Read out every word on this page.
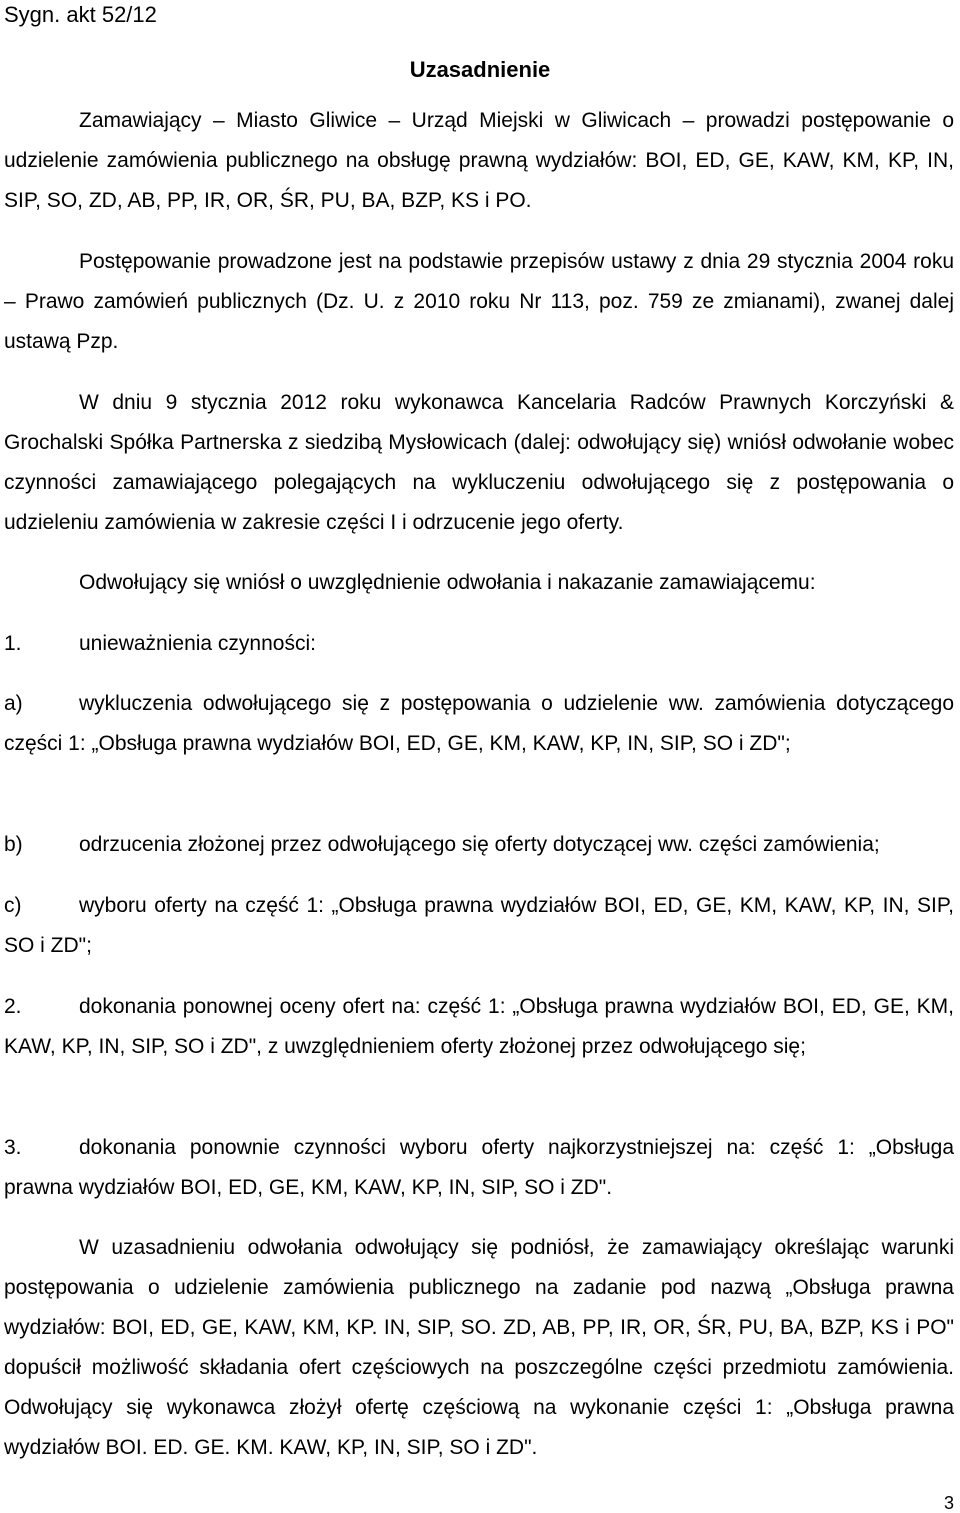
Sygn. akt 52/12
Uzasadnienie

Zamawiający – Miasto Gliwice – Urząd Miejski w Gliwicach – prowadzi postępowanie o udzielenie zamówienia publicznego na obsługę prawną wydziałów: BOI, ED, GE, KAW, KM, KP, IN, SIP, SO, ZD, AB, PP, IR, OR, ŚR, PU, BA, BZP, KS i PO.

Postępowanie prowadzone jest na podstawie przepisów ustawy z dnia 29 stycznia 2004 roku – Prawo zamówień publicznych (Dz. U. z 2010 roku Nr 113, poz. 759 ze zmianami), zwanej dalej ustawą Pzp.

W dniu 9 stycznia 2012 roku wykonawca Kancelaria Radców Prawnych Korczyński & Grochalski Spółka Partnerska z siedzibą Mysłowicach (dalej: odwołujący się) wniósł odwołanie wobec czynności zamawiającego polegających na wykluczeniu odwołującego się z postępowania o udzieleniu zamówienia w zakresie części I i odrzucenie jego oferty.

Odwołujący się wniósł o uwzględnienie odwołania i nakazanie zamawiającemu:

1.	unieważnienia czynności:

a)	wykluczenia odwołującego się z postępowania o udzielenie ww. zamówienia dotyczącego części 1: „Obsługa prawna wydziałów BOI, ED, GE, KM, KAW, KP, IN, SIP, SO i ZD";

b)	odrzucenia złożonej przez odwołującego się oferty dotyczącej ww. części zamówienia;

c)	wyboru oferty na część 1: „Obsługa prawna wydziałów BOI, ED, GE, KM, KAW, KP, IN, SIP, SO i ZD";

2.	dokonania ponownej oceny ofert na: część 1: „Obsługa prawna wydziałów BOI, ED, GE, KM, KAW, KP, IN, SIP, SO i ZD", z uwzględnieniem oferty złożonej przez odwołującego się;

3.	dokonania ponownie czynności wyboru oferty najkorzystniejszej na: część 1: „Obsługa prawna wydziałów BOI, ED, GE, KM, KAW, KP, IN, SIP, SO i ZD".

W uzasadnieniu odwołania odwołujący się podniósł, że zamawiający określając warunki postępowania o udzielenie zamówienia publicznego na zadanie pod nazwą „Obsługa prawna wydziałów: BOI, ED, GE, KAW, KM, KP. IN, SIP, SO. ZD, AB, PP, IR, OR, ŚR, PU, BA, BZP, KS i PO" dopuścił możliwość składania ofert częściowych na poszczególne części przedmiotu zamówienia. Odwołujący się wykonawca złożył ofertę częściową na wykonanie części 1: „Obsługa prawna wydziałów BOI. ED. GE. KM. KAW, KP, IN, SIP, SO i ZD".

3
